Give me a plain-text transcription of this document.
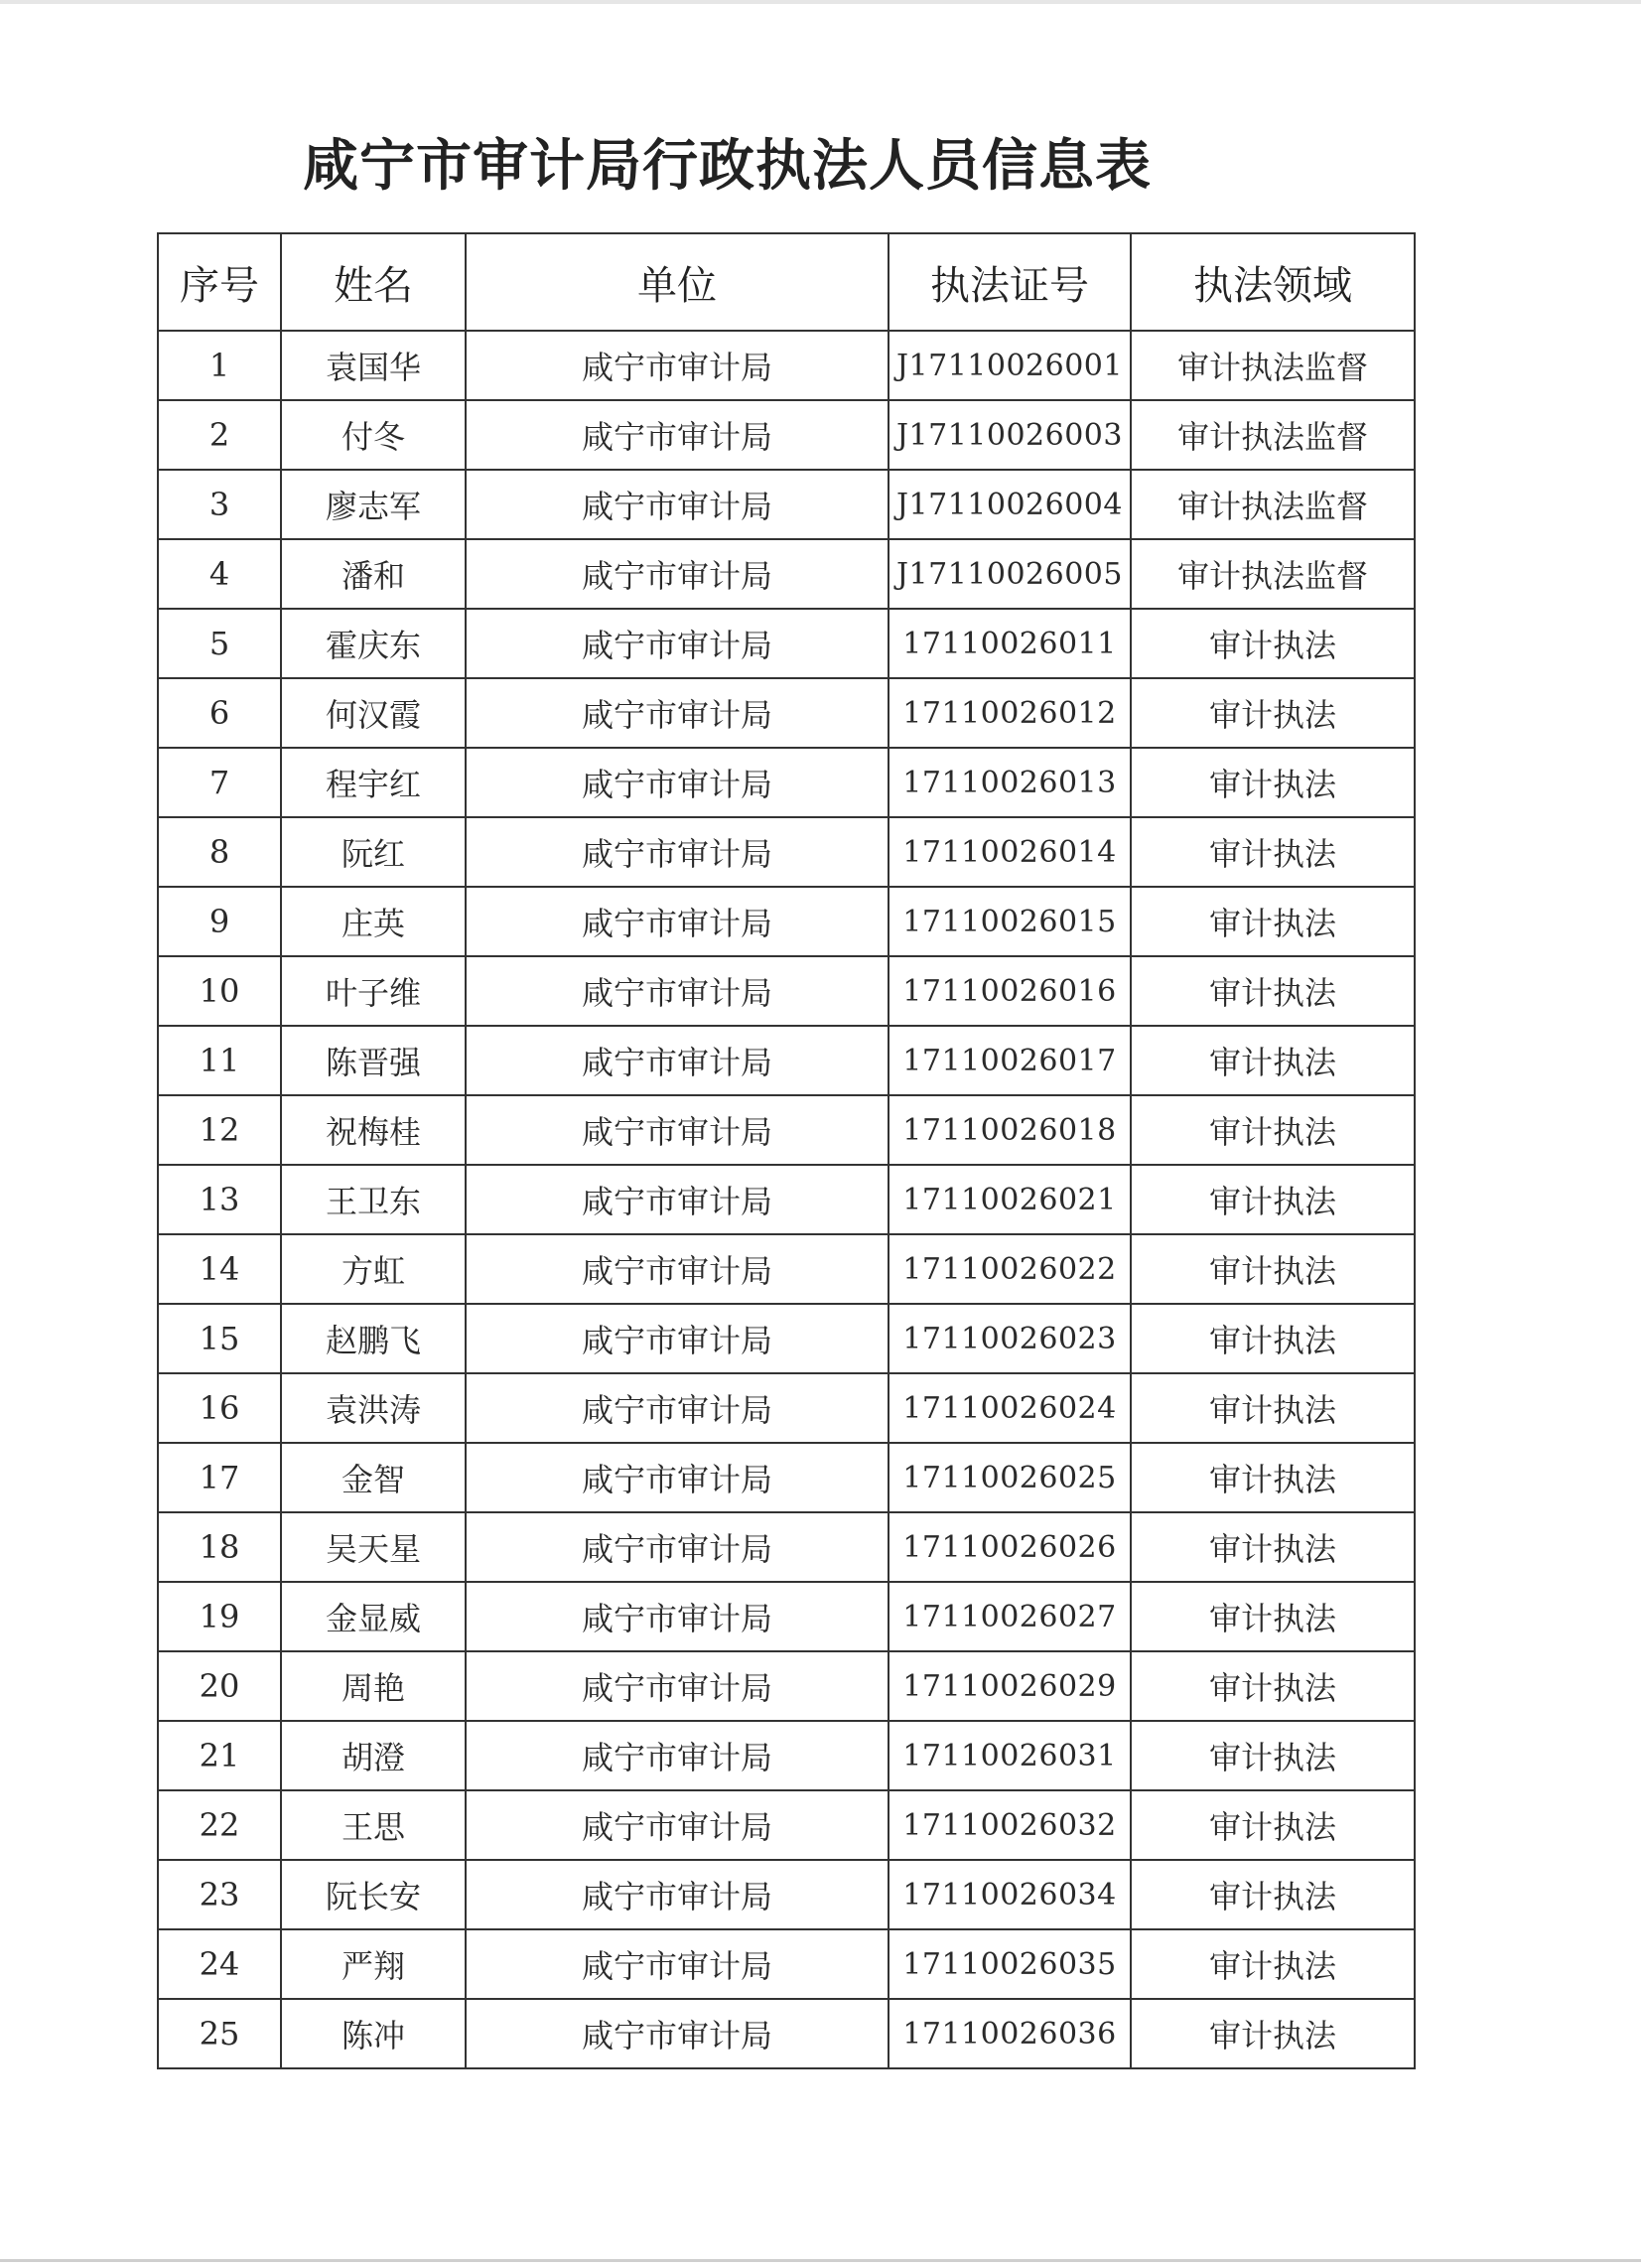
咸宁市审计局行政执法人员信息表
序号	姓名	单位	执法证号	执法领域
1	袁国华	咸宁市审计局	J17110026001	审计执法监督
2	付冬	咸宁市审计局	J17110026003	审计执法监督
3	廖志军	咸宁市审计局	J17110026004	审计执法监督
4	潘和	咸宁市审计局	J17110026005	审计执法监督
5	霍庆东	咸宁市审计局	17110026011	审计执法
6	何汉霞	咸宁市审计局	17110026012	审计执法
7	程宇红	咸宁市审计局	17110026013	审计执法
8	阮红	咸宁市审计局	17110026014	审计执法
9	庄英	咸宁市审计局	17110026015	审计执法
10	叶子维	咸宁市审计局	17110026016	审计执法
11	陈晋强	咸宁市审计局	17110026017	审计执法
12	祝梅桂	咸宁市审计局	17110026018	审计执法
13	王卫东	咸宁市审计局	17110026021	审计执法
14	方虹	咸宁市审计局	17110026022	审计执法
15	赵鹏飞	咸宁市审计局	17110026023	审计执法
16	袁洪涛	咸宁市审计局	17110026024	审计执法
17	金智	咸宁市审计局	17110026025	审计执法
18	吴天星	咸宁市审计局	17110026026	审计执法
19	金显威	咸宁市审计局	17110026027	审计执法
20	周艳	咸宁市审计局	17110026029	审计执法
21	胡澄	咸宁市审计局	17110026031	审计执法
22	王思	咸宁市审计局	17110026032	审计执法
23	阮长安	咸宁市审计局	17110026034	审计执法
24	严翔	咸宁市审计局	17110026035	审计执法
25	陈冲	咸宁市审计局	17110026036	审计执法
